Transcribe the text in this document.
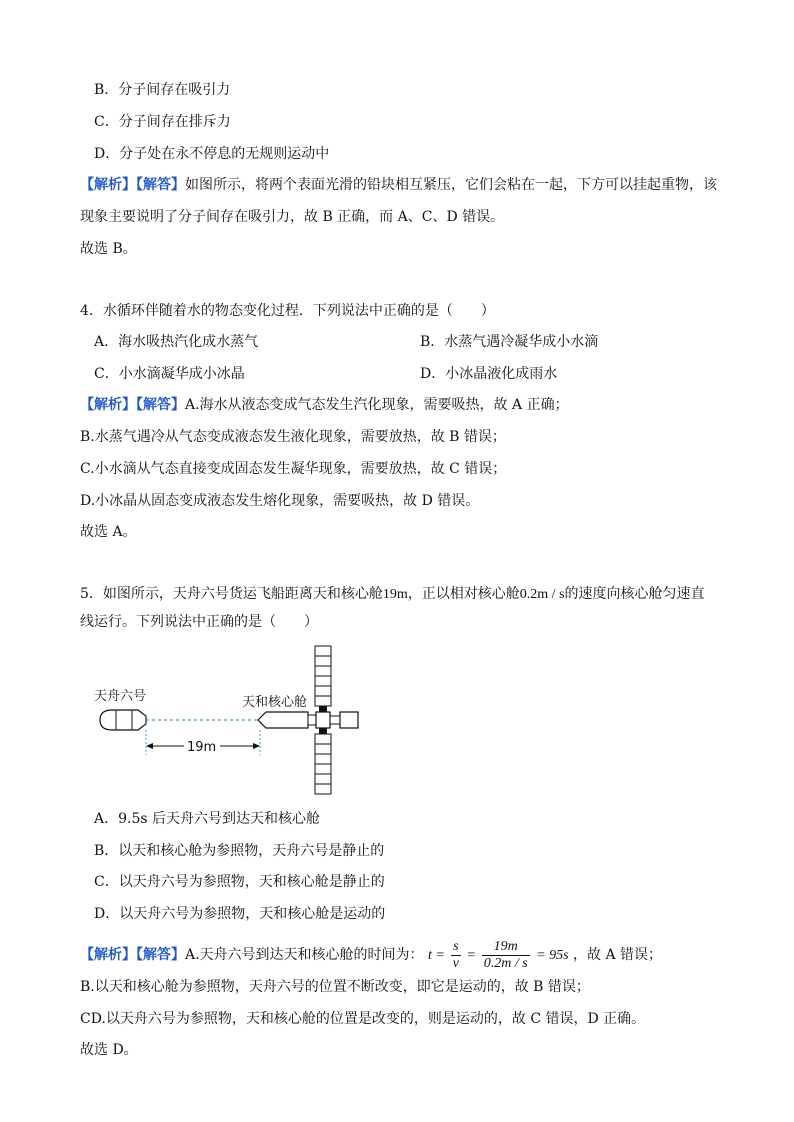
B．分子间存在吸引力
C．分子间存在排斥力
D．分子处在永不停息的无规则运动中
【解析】【解答】如图所示，将两个表面光滑的铅块相互紧压，它们会粘在一起，下方可以挂起重物，该
现象主要说明了分子间存在吸引力，故 B 正确，而 A、C、D 错误。
故选 B。
4．水循环伴随着水的物态变化过程．下列说法中正确的是（　　）
A．海水吸热汽化成水蒸气	B．水蒸气遇冷凝华成小水滴
C．小水滴凝华成小冰晶	D．小冰晶液化成雨水
【解析】【解答】A.海水从液态变成气态发生汽化现象，需要吸热，故 A 正确；
B.水蒸气遇冷从气态变成液态发生液化现象，需要放热，故 B 错误；
C.小水滴从气态直接变成固态发生凝华现象，需要放热，故 C 错误；
D.小冰晶从固态变成液态发生熔化现象，需要吸热，故 D 错误。
故选 A。
5．如图所示，天舟六号货运飞船距离天和核心舱19m，正以相对核心舱0.2m / s的速度向核心舱匀速直
线运行。下列说法中正确的是（　　）
天舟六号
19m
天和核心舱
A．9.5s 后天舟六号到达天和核心舱
B．以天和核心舱为参照物，天舟六号是静止的
C．以天舟六号为参照物，天和核心舱是静止的
D．以天舟六号为参照物，天和核心舱是运动的
【解析】【解答】A.天舟六号到达天和核心舱的时间为： $t = \frac{s}{v} = \frac{19m}{0.2m / s} = 95s$ ，故 A 错误；
B.以天和核心舱为参照物，天舟六号的位置不断改变，即它是运动的，故 B 错误；
CD.以天舟六号为参照物，天和核心舱的位置是改变的，则是运动的，故 C 错误，D 正确。
故选 D。
